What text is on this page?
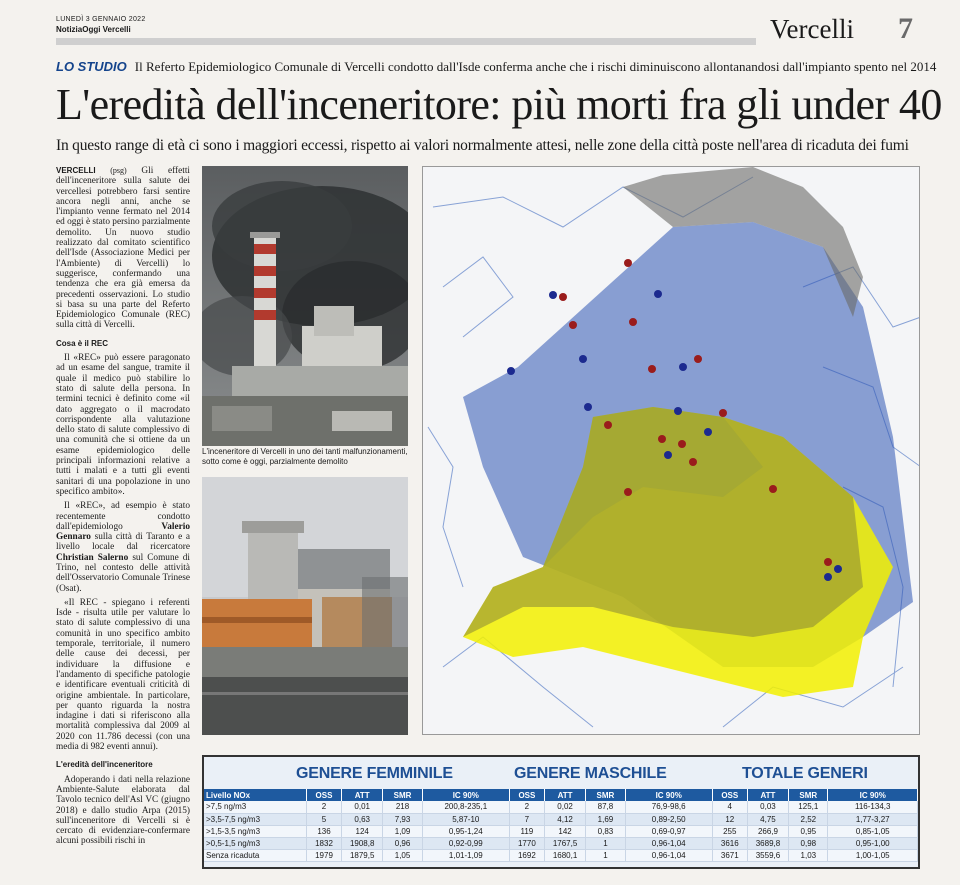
LUNEDÌ 3 GENNAIO 2022
NotiziaOggi Vercelli	Vercelli 7
LO STUDIO Il Referto Epidemiologico Comunale di Vercelli condotto dall'Isde conferma anche che i rischi diminuiscono allontanandosi dall'impianto spento nel 2014
L'eredità dell'inceneritore: più morti fra gli under 40
In questo range di età ci sono i maggiori eccessi, rispetto ai valori normalmente attesi, nelle zone della città poste nell'area di ricaduta dei fumi

VERCELLI (psg) Gli effetti dell'inceneritore sulla salute dei vercellesi potrebbero farsi sentire ancora negli anni, anche se l'impianto venne fermato nel 2014 ed oggi è stato persino parzialmente demolito. Un nuovo studio realizzato dal comitato scientifico dell'Isde (Associazione Medici per l'Ambiente) di Vercelli) lo suggerisce, confermando una tendenza che era già emersa da precedenti osservazioni. Lo studio si basa su una parte del Referto Epidemiologico Comunale (REC) sulla città di Vercelli.

Cosa è il REC

Il «REC» può essere paragonato ad un esame del sangue, tramite il quale il medico può stabilire lo stato di salute della persona. In termini tecnici è definito come «il dato aggregato o il macrodato corrispondente alla valutazione dello stato di salute complessivo di una comunità che si ottiene da un esame epidemiologico delle principali informazioni relative a tutti i malati e a tutti gli eventi sanitari di una popolazione in uno specifico ambito».

Il «REC», ad esempio è stato recentemente condotto dall'epidemiologo	Valerio Gennaro sulla città di Taranto e a livello locale dal ricercatore Christian Salerno sul Comune di Trino, nel contesto delle attività dell'Osservatorio Comunale Trinese (Osat).

«Il REC - spiegano i referenti Isde - risulta utile per valutare lo stato di salute complessivo di una comunità in uno specifico ambito temporale, territoriale, il numero delle cause dei decessi, per individuare la diffusione e l'andamento di specifiche patologie e identificare eventuali criticità di origine ambientale. In particolare, per quanto riguarda la nostra indagine i dati si riferiscono alla mortalità complessiva dal 2009 al 2020 con 11.786 decessi (con una media di 982 eventi annui).

L'eredità dell'inceneritore

Adoperando i dati nella relazione Ambiente-Salute elaborata dal Tavolo tecnico dell'Asl VC (giugno 2018) e dallo studio Arpa (2015) sull'inceneritore di Vercelli si è cercato di evidenziare-confermare alcuni possibili rischi in

L'inceneritore di Vercelli in uno dei tanti malfunzionamenti, sotto come è oggi, parzialmente demolito
GENERE FEMMINILE	GENERE MASCHILE	TOTALE GENERI
Livello NOx	OSS	ATT	SMR	IC 90%	OSS	ATT	SMR	IC 90%	OSS	ATT	SMR	IC 90%
>7,5 ng/m3	2	0,01	218	200,8-235,1	2	0,02	87,8	76,9-98,6	4	0,03	125,1	116-134,3
>3,5-7,5 ng/m3	5	0,63	7,93	5,87-10	7	4,12	1,69	0,89-2,50	12	4,75	2,52	1,77-3,27
>1,5-3,5 ng/m3	136	124	1,09	0,95-1,24	119	142	0,83	0,69-0,97	255	266,9	0,95	0,85-1,05
>0,5-1,5 ng/m3	1832	1908,8	0,96	0,92-0,99	1770	1767,5	1	0,96-1,04	3616	3689,8	0,98	0,95-1,00
Senza ricaduta	1979	1879,5	1,05	1,01-1,09	1692	1680,1	1	0,96-1,04	3671	3559,6	1,03	1,00-1,05
